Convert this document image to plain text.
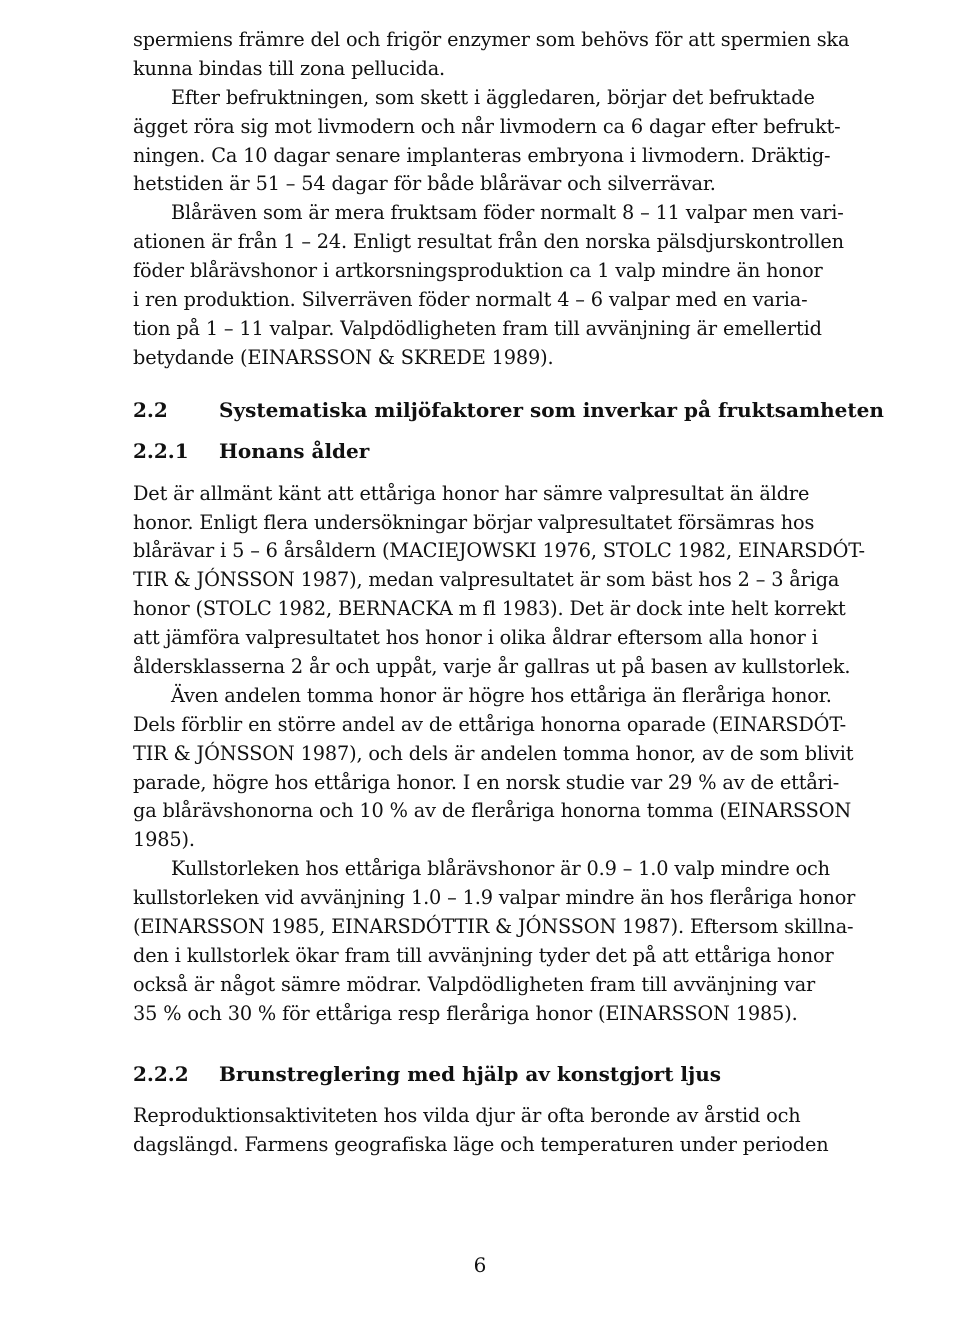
spermiens främre del och frigör enzymer som behövs för att spermien ska
kunna bindas till zona pellucida.
Efter befruktningen, som skett i äggledaren, börjar det befruktade
ägget röra sig mot livmodern och når livmodern ca 6 dagar efter befrukt-
ningen. Ca 10 dagar senare implanteras embryona i livmodern. Dräktig-
hetstiden är 51 – 54 dagar för både blårävar och silverrävar.
Blåräven som är mera fruktsam föder normalt 8 – 11 valpar men vari-
ationen är från 1 – 24. Enligt resultat från den norska pälsdjurskontrollen
föder blårävshonor i artkorsningsproduktion ca 1 valp mindre än honor
i ren produktion. Silverräven föder normalt 4 – 6 valpar med en varia-
tion på 1 – 11 valpar. Valpdödligheten fram till avvänjning är emellertid
betydande (EINARSSON & SKREDE 1989).
2.2	Systematiska miljöfaktorer som inverkar på fruktsamheten
2.2.1 Honans ålder
Det är allmänt känt att ettåriga honor har sämre valpresultat än äldre
honor. Enligt flera undersökningar börjar valpresultatet försämras hos
blårävar i 5 – 6 årsåldern (MACIEJOWSKI 1976, STOLC 1982, EINARSDÓT-
TIR & JÓNSSON 1987), medan valpresultatet är som bäst hos 2 – 3 åriga
honor (STOLC 1982, BERNACKA m fl 1983). Det är dock inte helt korrekt
att jämföra valpresultatet hos honor i olika åldrar eftersom alla honor i
åldersklasserna 2 år och uppåt, varje år gallras ut på basen av kullstorlek.
Även andelen tomma honor är högre hos ettåriga än fleråriga honor.
Dels förblir en större andel av de ettåriga honorna oparade (EINARSDÓT-
TIR & JÓNSSON 1987), och dels är andelen tomma honor, av de som blivit
parade, högre hos ettåriga honor. I en norsk studie var 29 % av de ettåri-
ga blårävshonorna och 10 % av de fleråriga honorna tomma (EINARSSON
1985).
Kullstorleken hos ettåriga blårävshonor är 0.9 – 1.0 valp mindre och
kullstorleken vid avvänjning 1.0 – 1.9 valpar mindre än hos fleråriga honor
(EINARSSON 1985, EINARSDÓTTIR & JÓNSSON 1987). Eftersom skillna-
den i kullstorlek ökar fram till avvänjning tyder det på att ettåriga honor
också är något sämre mödrar. Valpdödligheten fram till avvänjning var
35 % och 30 % för ettåriga resp fleråriga honor (EINARSSON 1985).
2.2.2 Brunstreglering med hjälp av konstgjort ljus
Reproduktionsaktiviteten hos vilda djur är ofta beronde av årstid och
dagslängd. Farmens geografiska läge och temperaturen under perioden
6
